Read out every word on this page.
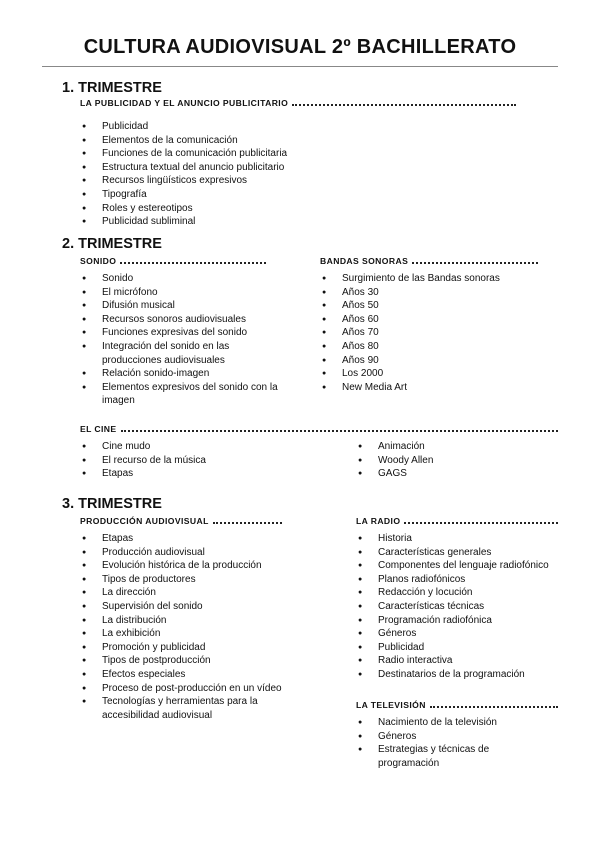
CULTURA AUDIOVISUAL 2º BACHILLERATO
1. TRIMESTRE
LA PUBLICIDAD Y EL ANUNCIO PUBLICITARIO
● Publicidad
● Elementos de la comunicación
● Funciones de la comunicación publicitaria
● Estructura textual del anuncio publicitario
● Recursos lingüísticos expresivos
● Tipografía
● Roles y estereotipos
● Publicidad subliminal
2. TRIMESTRE
SONIDO
● Sonido
● El micrófono
● Difusión musical
● Recursos sonoros audiovisuales
● Funciones expresivas del sonido
● Integración del sonido en las producciones audiovisuales
● Relación sonido-imagen
● Elementos expresivos del sonido con la imagen
BANDAS SONORAS
● Surgimiento de las Bandas sonoras
● Años 30
● Años 50
● Años 60
● Años 70
● Años 80
● Años 90
● Los 2000
● New Media Art
EL CINE
● Cine mudo
● El recurso de la música
● Etapas
● Animación
● Woody Allen
● GAGS
3. TRIMESTRE
PRODUCCIÓN AUDIOVISUAL
● Etapas
● Producción audiovisual
● Evolución histórica de la producción
● Tipos de productores
● La dirección
● Supervisión del sonido
● La distribución
● La exhibición
● Promoción y publicidad
● Tipos de postproducción
● Efectos especiales
● Proceso de post-producción en un vídeo
● Tecnologías y herramientas para la accesibilidad audiovisual
LA RADIO
● Historia
● Características generales
● Componentes del lenguaje radiofónico
● Planos radiofónicos
● Redacción y locución
● Características técnicas
● Programación radiofónica
● Géneros
● Publicidad
● Radio interactiva
● Destinatarios de la programación
LA TELEVISIÓN
● Nacimiento de la televisión
● Géneros
● Estrategias y técnicas de programación
